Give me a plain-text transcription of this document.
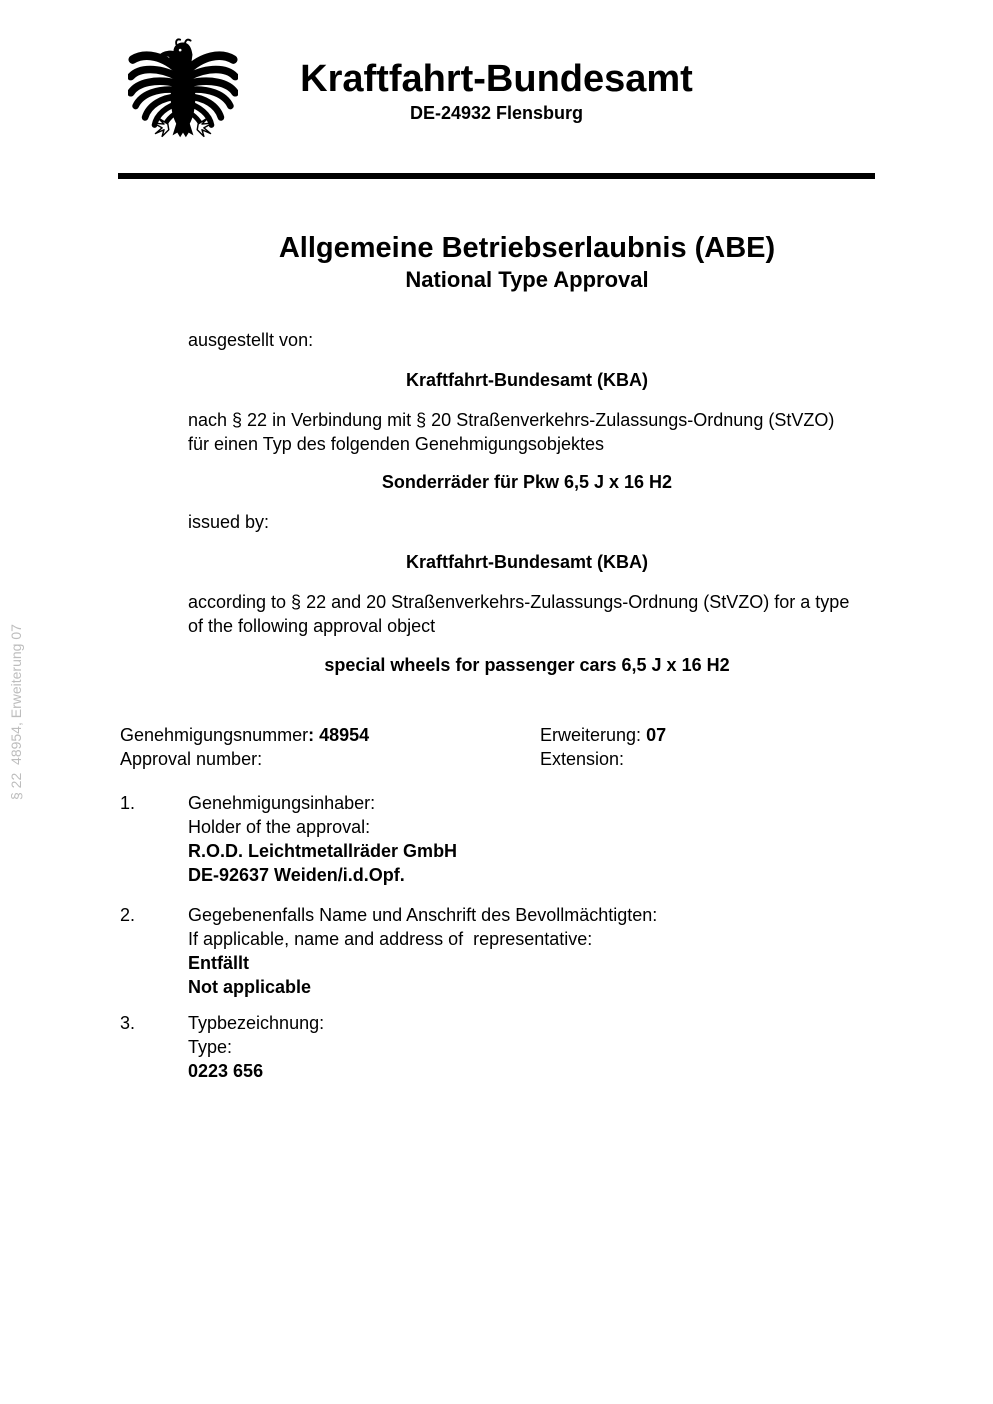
§ 22  48954, Erweiterung 07
Kraftfahrt-Bundesamt
DE-24932 Flensburg
Allgemeine Betriebserlaubnis (ABE)
National Type Approval

ausgestellt von:

Kraftfahrt-Bundesamt (KBA)

nach § 22 in Verbindung mit § 20 Straßenverkehrs-Zulassungs-Ordnung (StVZO)
für einen Typ des folgenden Genehmigungsobjektes

Sonderräder für Pkw 6,5 J x 16 H2

issued by:

Kraftfahrt-Bundesamt (KBA)

according to § 22 and 20 Straßenverkehrs-Zulassungs-Ordnung (StVZO) for a type
of the following approval object

special wheels for passenger cars 6,5 J x 16 H2

Genehmigungsnummer: 48954
Approval number:
Erweiterung: 07
Extension:
1.	Genehmigungsinhaber:
Holder of the approval:
R.O.D. Leichtmetallräder GmbH
DE-92637 Weiden/i.d.Opf.
2.	Gegebenenfalls Name und Anschrift des Bevollmächtigten:
If applicable, name and address of  representative:
Entfällt
Not applicable
3.	Typbezeichnung:
Type:
0223 656
